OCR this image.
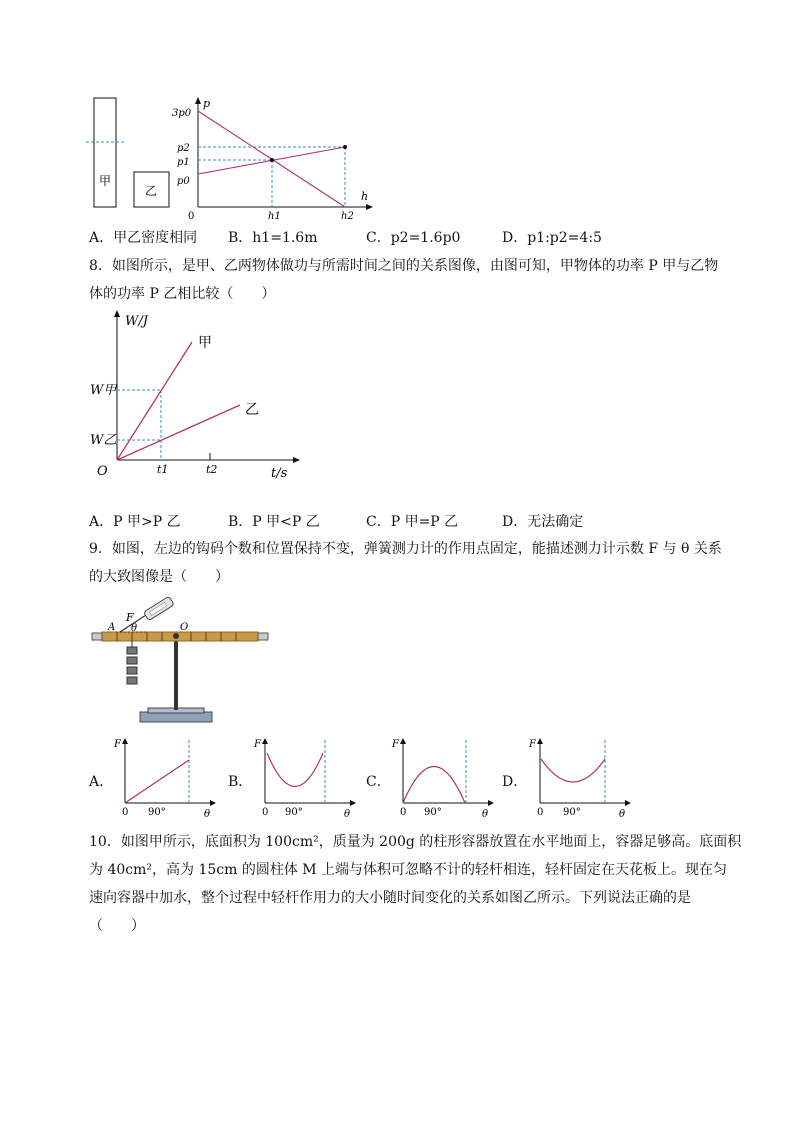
甲
乙
p
h
0
3p0
p2
p1
p0
h1	h2
A．甲乙密度相同 B．h1=1.6m	C．p2=1.6p0	D．p1:p2=4:5
8．如图所示，是甲、乙两物体做功与所需时间之间的关系图像，由图可知，甲物体的功率 P 甲与乙物
体的功率 P 乙相比较（　　）
W/J
t/s
O
甲
乙
W甲
W乙
t1	t2
A．P 甲>P 乙	B．P 甲<P 乙	C．P 甲=P 乙	D．无法确定
9．如图，左边的钩码个数和位置保持不变，弹簧测力计的作用点固定，能描述测力计示数 F 与 θ 关系
的大致图像是（　　）
F
A θ	O
A．	B．	C．	D．
F
0 90°	θ
F
0 90°	θ
F
0 90°	θ
F
0 90°	θ
10．如图甲所示，底面积为 100cm²，质量为 200g 的柱形容器放置在水平地面上，容器足够高。底面积
为 40cm²，高为 15cm 的圆柱体 M 上端与体积可忽略不计的轻杆相连，轻杆固定在天花板上。现在匀
速向容器中加水，整个过程中轻杆作用力的大小随时间变化的关系如图乙所示。下列说法正确的是
（　　）
